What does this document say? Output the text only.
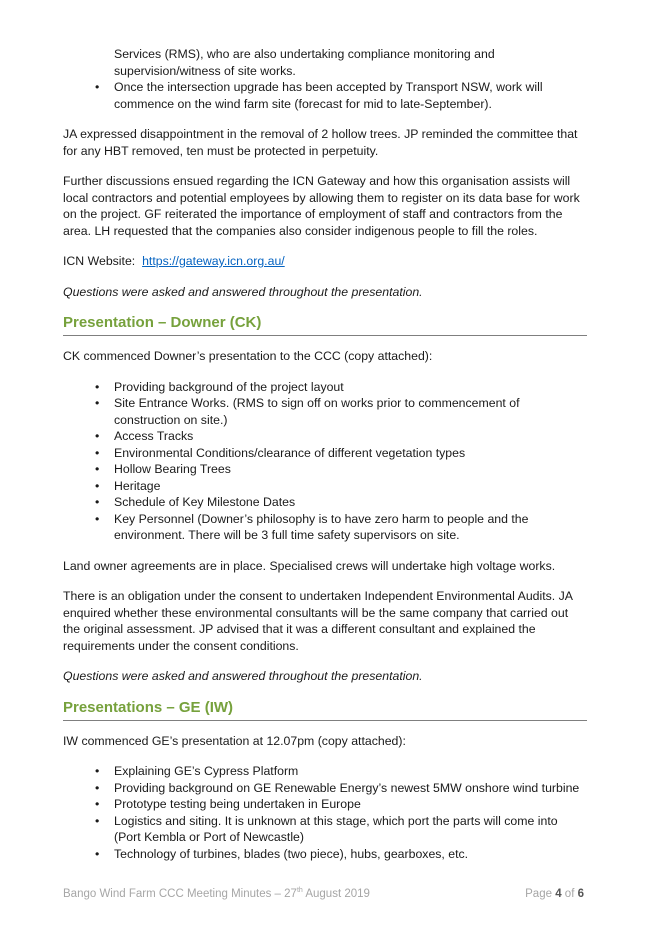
Services (RMS), who are also undertaking compliance monitoring and supervision/witness of site works.
• Once the intersection upgrade has been accepted by Transport NSW, work will commence on the wind farm site (forecast for mid to late-September).

JA expressed disappointment in the removal of 2 hollow trees. JP reminded the committee that for any HBT removed, ten must be protected in perpetuity.

Further discussions ensued regarding the ICN Gateway and how this organisation assists will local contractors and potential employees by allowing them to register on its data base for work on the project. GF reiterated the importance of employment of staff and contractors from the area. LH requested that the companies also consider indigenous people to fill the roles.

ICN Website: https://gateway.icn.org.au/

Questions were asked and answered throughout the presentation.

Presentation – Downer (CK)

CK commenced Downer’s presentation to the CCC (copy attached):

• Providing background of the project layout
• Site Entrance Works. (RMS to sign off on works prior to commencement of construction on site.)
• Access Tracks
• Environmental Conditions/clearance of different vegetation types
• Hollow Bearing Trees
• Heritage
• Schedule of Key Milestone Dates
• Key Personnel (Downer’s philosophy is to have zero harm to people and the environment. There will be 3 full time safety supervisors on site.

Land owner agreements are in place. Specialised crews will undertake high voltage works.

There is an obligation under the consent to undertaken Independent Environmental Audits. JA enquired whether these environmental consultants will be the same company that carried out the original assessment. JP advised that it was a different consultant and explained the requirements under the consent conditions.

Questions were asked and answered throughout the presentation.

Presentations – GE (IW)

IW commenced GE’s presentation at 12.07pm (copy attached):

• Explaining GE’s Cypress Platform
• Providing background on GE Renewable Energy’s newest 5MW onshore wind turbine
• Prototype testing being undertaken in Europe
• Logistics and siting. It is unknown at this stage, which port the parts will come into (Port Kembla or Port of Newcastle)
• Technology of turbines, blades (two piece), hubs, gearboxes, etc.
Bango Wind Farm CCC Meeting Minutes – 27th August 2019	Page 4 of 6
